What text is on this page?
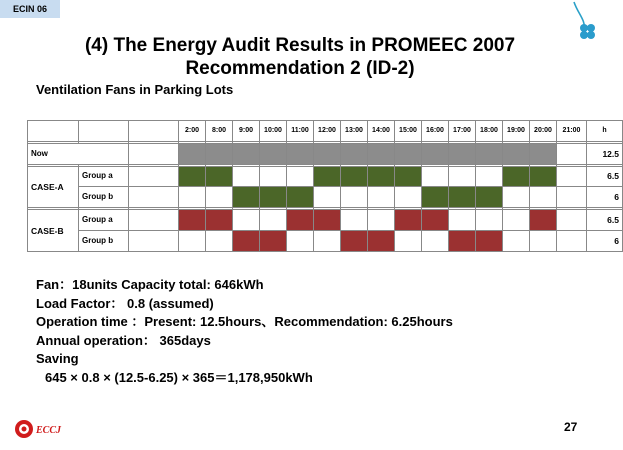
ECIN 06
(4) The Energy Audit Results in PROMEEC 2007
Recommendation 2 (ID-2)
Ventilation Fans in Parking Lots
			2:00	8:00	9:00	10:00	11:00	12:00	13:00	14:00	15:00	16:00	17:00	18:00	19:00	20:00	21:00	h

Now																		12.5

CASE-A	Group a																	6.5
	Group b																	6

CASE-B	Group a																	6.5
	Group b																	6
Fan：18units Capacity total: 646kWh
Load Factor： 0.8 (assumed)
Operation time ：Present: 12.5hours、Recommendation: 6.25hours
Annual operation： 365days
Saving
645 × 0.8 × (12.5-6.25) × 365＝1,178,950kWh
ECCJ	27
